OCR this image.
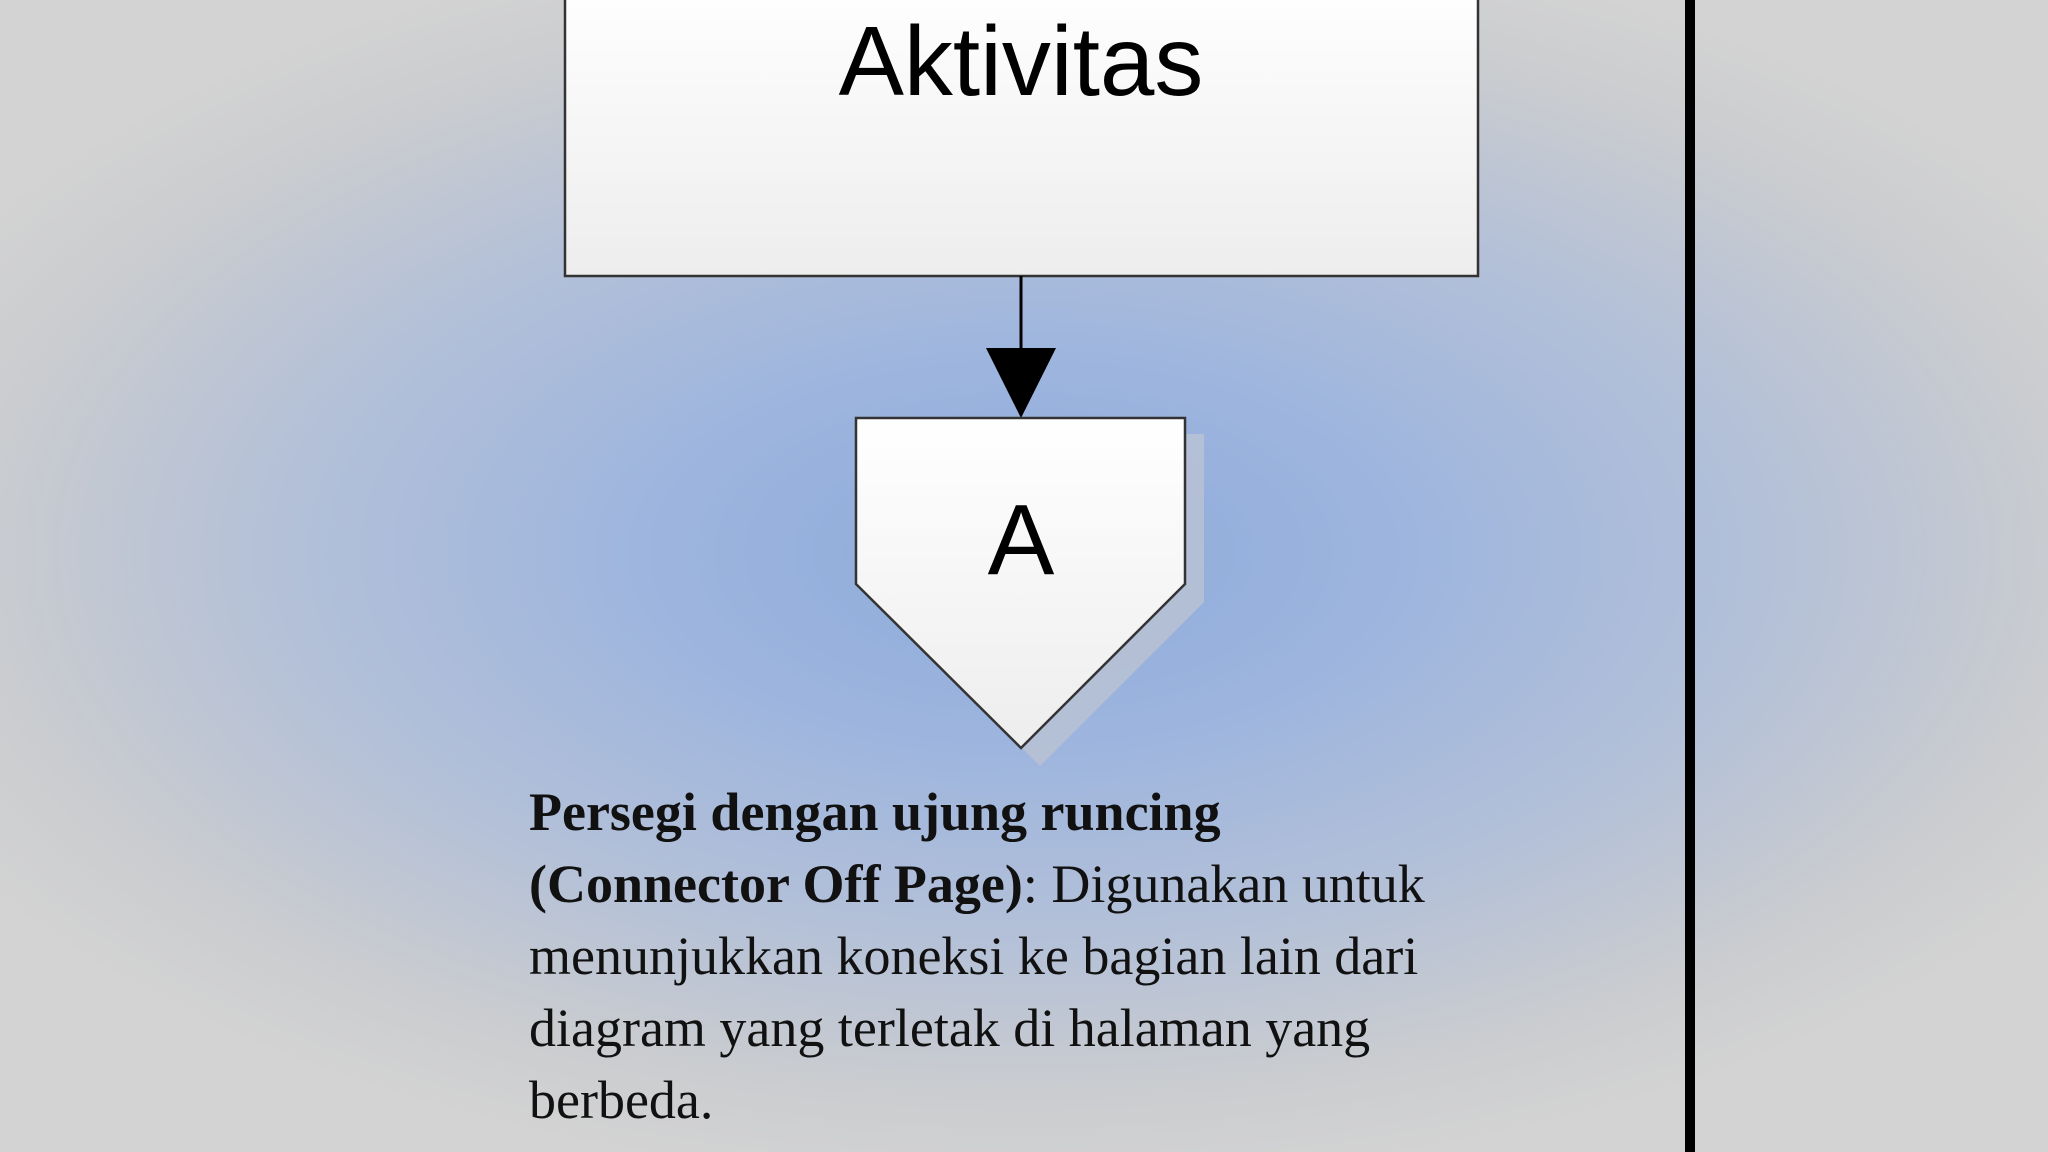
Aktivitas
A
Persegi dengan ujung runcing (Connector Off Page): Digunakan untuk menunjukkan koneksi ke bagian lain dari diagram yang terletak di halaman yang berbeda.
